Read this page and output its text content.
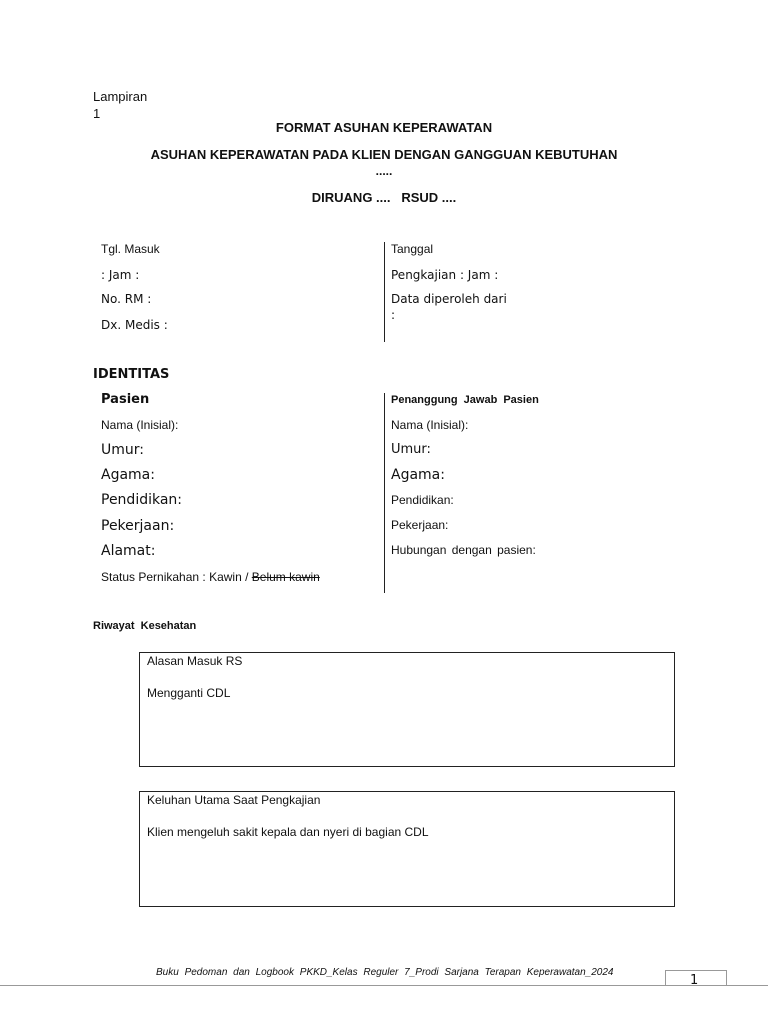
Lampiran
1
FORMAT ASUHAN KEPERAWATAN
ASUHAN KEPERAWATAN PADA KLIEN DENGAN GANGGUAN KEBUTUHAN
.....
DIRUANG ....   RSUD ....
Tgl. Masuk
: Jam :
No. RM :
Dx. Medis :
Tanggal
Pengkajian : Jam :
Data diperoleh dari
:
IDENTITAS
Pasien
Nama (Inisial):
Umur:
Agama:
Pendidikan:
Pekerjaan:
Alamat:
Status Pernikahan : Kawin / Belum kawin
Penanggung Jawab Pasien
Nama (Inisial):
Umur:
Agama:
Pendidikan:
Pekerjaan:
Hubungan dengan pasien:
Riwayat Kesehatan
Alasan Masuk RS
Mengganti CDL
Keluhan Utama Saat Pengkajian
Klien mengeluh sakit kepala dan nyeri di bagian CDL
Buku Pedoman dan Logbook PKKD_Kelas Reguler 7_Prodi Sarjana Terapan Keperawatan_2024
1
